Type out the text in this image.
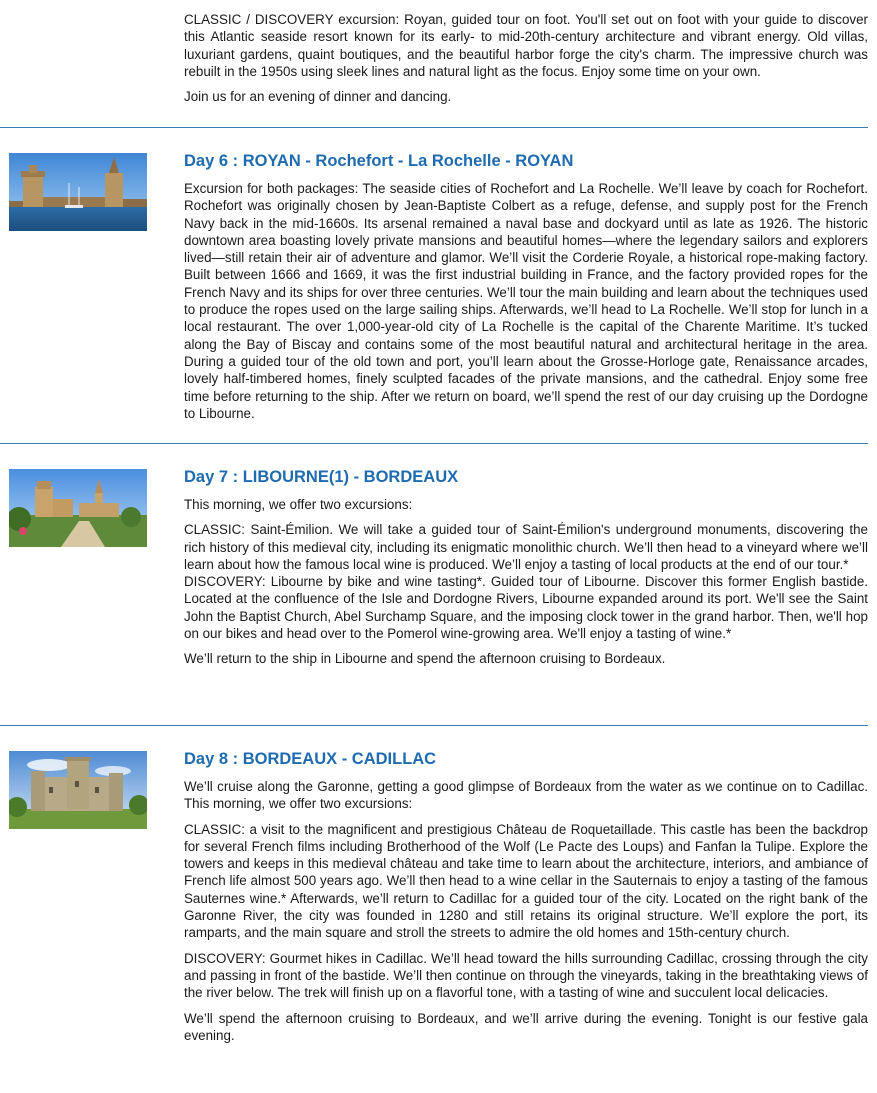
CLASSIC / DISCOVERY excursion: Royan, guided tour on foot. You'll set out on foot with your guide to discover this Atlantic seaside resort known for its early- to mid-20th-century architecture and vibrant energy. Old villas, luxuriant gardens, quaint boutiques, and the beautiful harbor forge the city's charm. The impressive church was rebuilt in the 1950s using sleek lines and natural light as the focus. Enjoy some time on your own.

Join us for an evening of dinner and dancing.

Day 6 : ROYAN - Rochefort - La Rochelle - ROYAN

Excursion for both packages: The seaside cities of Rochefort and La Rochelle. We’ll leave by coach for Rochefort. Rochefort was originally chosen by Jean-Baptiste Colbert as a refuge, defense, and supply post for the French Navy back in the mid-1660s. Its arsenal remained a naval base and dockyard until as late as 1926. The historic downtown area boasting lovely private mansions and beautiful homes—where the legendary sailors and explorers lived—still retain their air of adventure and glamor. We’ll visit the Corderie Royale, a historical rope-making factory. Built between 1666 and 1669, it was the first industrial building in France, and the factory provided ropes for the French Navy and its ships for over three centuries. We’ll tour the main building and learn about the techniques used to produce the ropes used on the large sailing ships. Afterwards, we’ll head to La Rochelle. We’ll stop for lunch in a local restaurant. The over 1,000-year-old city of La Rochelle is the capital of the Charente Maritime. It’s tucked along the Bay of Biscay and contains some of the most beautiful natural and architectural heritage in the area. During a guided tour of the old town and port, you’ll learn about the Grosse-Horloge gate, Renaissance arcades, lovely half-timbered homes, finely sculpted facades of the private mansions, and the cathedral. Enjoy some free time before returning to the ship. After we return on board, we’ll spend the rest of our day cruising up the Dordogne to Libourne.

Day 7 : LIBOURNE(1) - BORDEAUX

This morning, we offer two excursions:

CLASSIC: Saint-Émilion. We will take a guided tour of Saint-Émilion's underground monuments, discovering the rich history of this medieval city, including its enigmatic monolithic church. We’ll then head to a vineyard where we’ll learn about how the famous local wine is produced. We’ll enjoy a tasting of local products at the end of our tour.*

DISCOVERY: Libourne by bike and wine tasting*. Guided tour of Libourne. Discover this former English bastide. Located at the confluence of the Isle and Dordogne Rivers, Libourne expanded around its port. We'll see the Saint John the Baptist Church, Abel Surchamp Square, and the imposing clock tower in the grand harbor. Then, we'll hop on our bikes and head over to the Pomerol wine-growing area. We'll enjoy a tasting of wine.*

We’ll return to the ship in Libourne and spend the afternoon cruising to Bordeaux.

Day 8 : BORDEAUX - CADILLAC

We’ll cruise along the Garonne, getting a good glimpse of Bordeaux from the water as we continue on to Cadillac. This morning, we offer two excursions:

CLASSIC: a visit to the magnificent and prestigious Château de Roquetaillade. This castle has been the backdrop for several French films including Brotherhood of the Wolf (Le Pacte des Loups) and Fanfan la Tulipe. Explore the towers and keeps in this medieval château and take time to learn about the architecture, interiors, and ambiance of French life almost 500 years ago. We’ll then head to a wine cellar in the Sauternais to enjoy a tasting of the famous Sauternes wine.* Afterwards, we’ll return to Cadillac for a guided tour of the city. Located on the right bank of the Garonne River, the city was founded in 1280 and still retains its original structure. We’ll explore the port, its ramparts, and the main square and stroll the streets to admire the old homes and 15th-century church.

DISCOVERY: Gourmet hikes in Cadillac. We’ll head toward the hills surrounding Cadillac, crossing through the city and passing in front of the bastide. We’ll then continue on through the vineyards, taking in the breathtaking views of the river below. The trek will finish up on a flavorful tone, with a tasting of wine and succulent local delicacies.

We’ll spend the afternoon cruising to Bordeaux, and we’ll arrive during the evening. Tonight is our festive gala evening.
